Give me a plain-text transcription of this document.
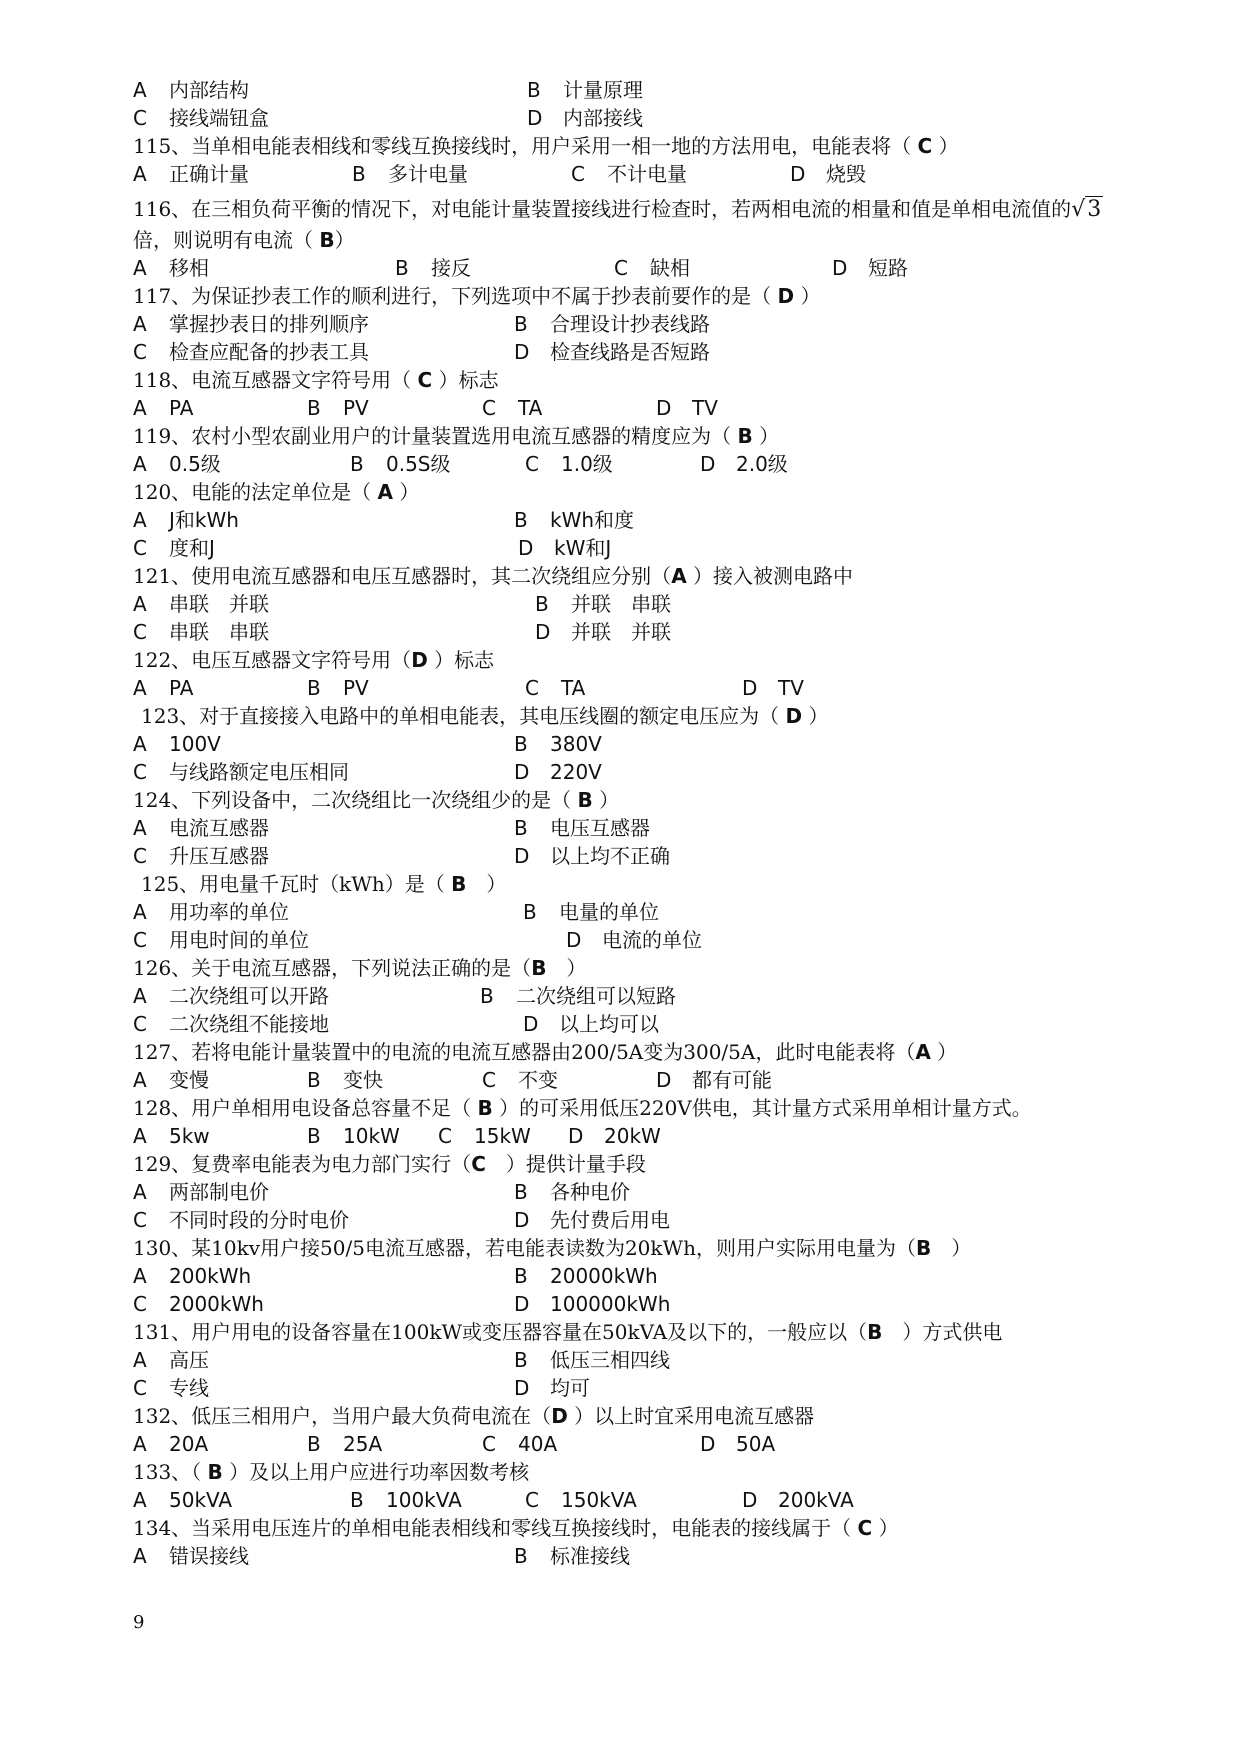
A 内部结构	B 计量原理
C 接线端钮盒	D 内部接线
115、当单相电能表相线和零线互换接线时，用户采用一相一地的方法用电，电能表将（ C ）
A 正确计量	B 多计电量	C 不计电量	D 烧毁
116、在三相负荷平衡的情况下，对电能计量装置接线进行检查时，若两相电流的相量和值是单相电流值的√3
倍，则说明有电流（ B）
A 移相	B 接反	C 缺相	D 短路
117、为保证抄表工作的顺利进行，下列选项中不属于抄表前要作的是（ D ）
A 掌握抄表日的排列顺序	B 合理设计抄表线路
C 检查应配备的抄表工具	D 检查线路是否短路
118、电流互感器文字符号用（ C ）标志
A PA	B PV	C TA	D TV
119、农村小型农副业用户的计量装置选用电流互感器的精度应为（ B ）
A 0.5级	B 0.5S级	C 1.0级	D 2.0级
120、电能的法定单位是（ A ）
A J和kWh	B kWh和度
C 度和J	D kW和J
121、使用电流互感器和电压互感器时，其二次绕组应分别（A ）接入被测电路中
A 串联　并联	B 并联　串联
C 串联　串联	D 并联　并联
122、电压互感器文字符号用（D ）标志
A PA	B PV	C TA	D TV
123、对于直接接入电路中的单相电能表，其电压线圈的额定电压应为（ D ）
A 100V	B 380V
C 与线路额定电压相同	D 220V
124、下列设备中，二次绕组比一次绕组少的是（ B ）
A 电流互感器	B 电压互感器
C 升压互感器	D 以上均不正确
125、用电量千瓦时（kWh）是（ B　）
A 用功率的单位	B 电量的单位
C 用电时间的单位	D 电流的单位
126、关于电流互感器，下列说法正确的是（B　）
A 二次绕组可以开路	B 二次绕组可以短路
C 二次绕组不能接地	D 以上均可以
127、若将电能计量装置中的电流的电流互感器由200/5A变为300/5A，此时电能表将（A ）
A 变慢	B 变快	C 不变	D 都有可能
128、用户单相用电设备总容量不足（ B ）的可采用低压220V供电，其计量方式采用单相计量方式。
A 5kw	B 10kW C 15kW D 20kW
129、复费率电能表为电力部门实行（C　）提供计量手段
A 两部制电价	B 各种电价
C 不同时段的分时电价	D 先付费后用电
130、某10kv用户接50/5电流互感器，若电能表读数为20kWh，则用户实际用电量为（B　）
A 200kWh	B 20000kWh
C 2000kWh	D 100000kWh
131、用户用电的设备容量在100kW或变压器容量在50kVA及以下的，一般应以（B　）方式供电
A 高压	B 低压三相四线
C 专线	D 均可
132、低压三相用户，当用户最大负荷电流在（D ）以上时宜采用电流互感器
A 20A	B 25A	C 40A	D 50A
133、（ B ）及以上用户应进行功率因数考核
A 50kVA	B 100kVA	C 150kVA	D 200kVA
134、当采用电压连片的单相电能表相线和零线互换接线时，电能表的接线属于（ C ）
A 错误接线	B 标准接线
9
